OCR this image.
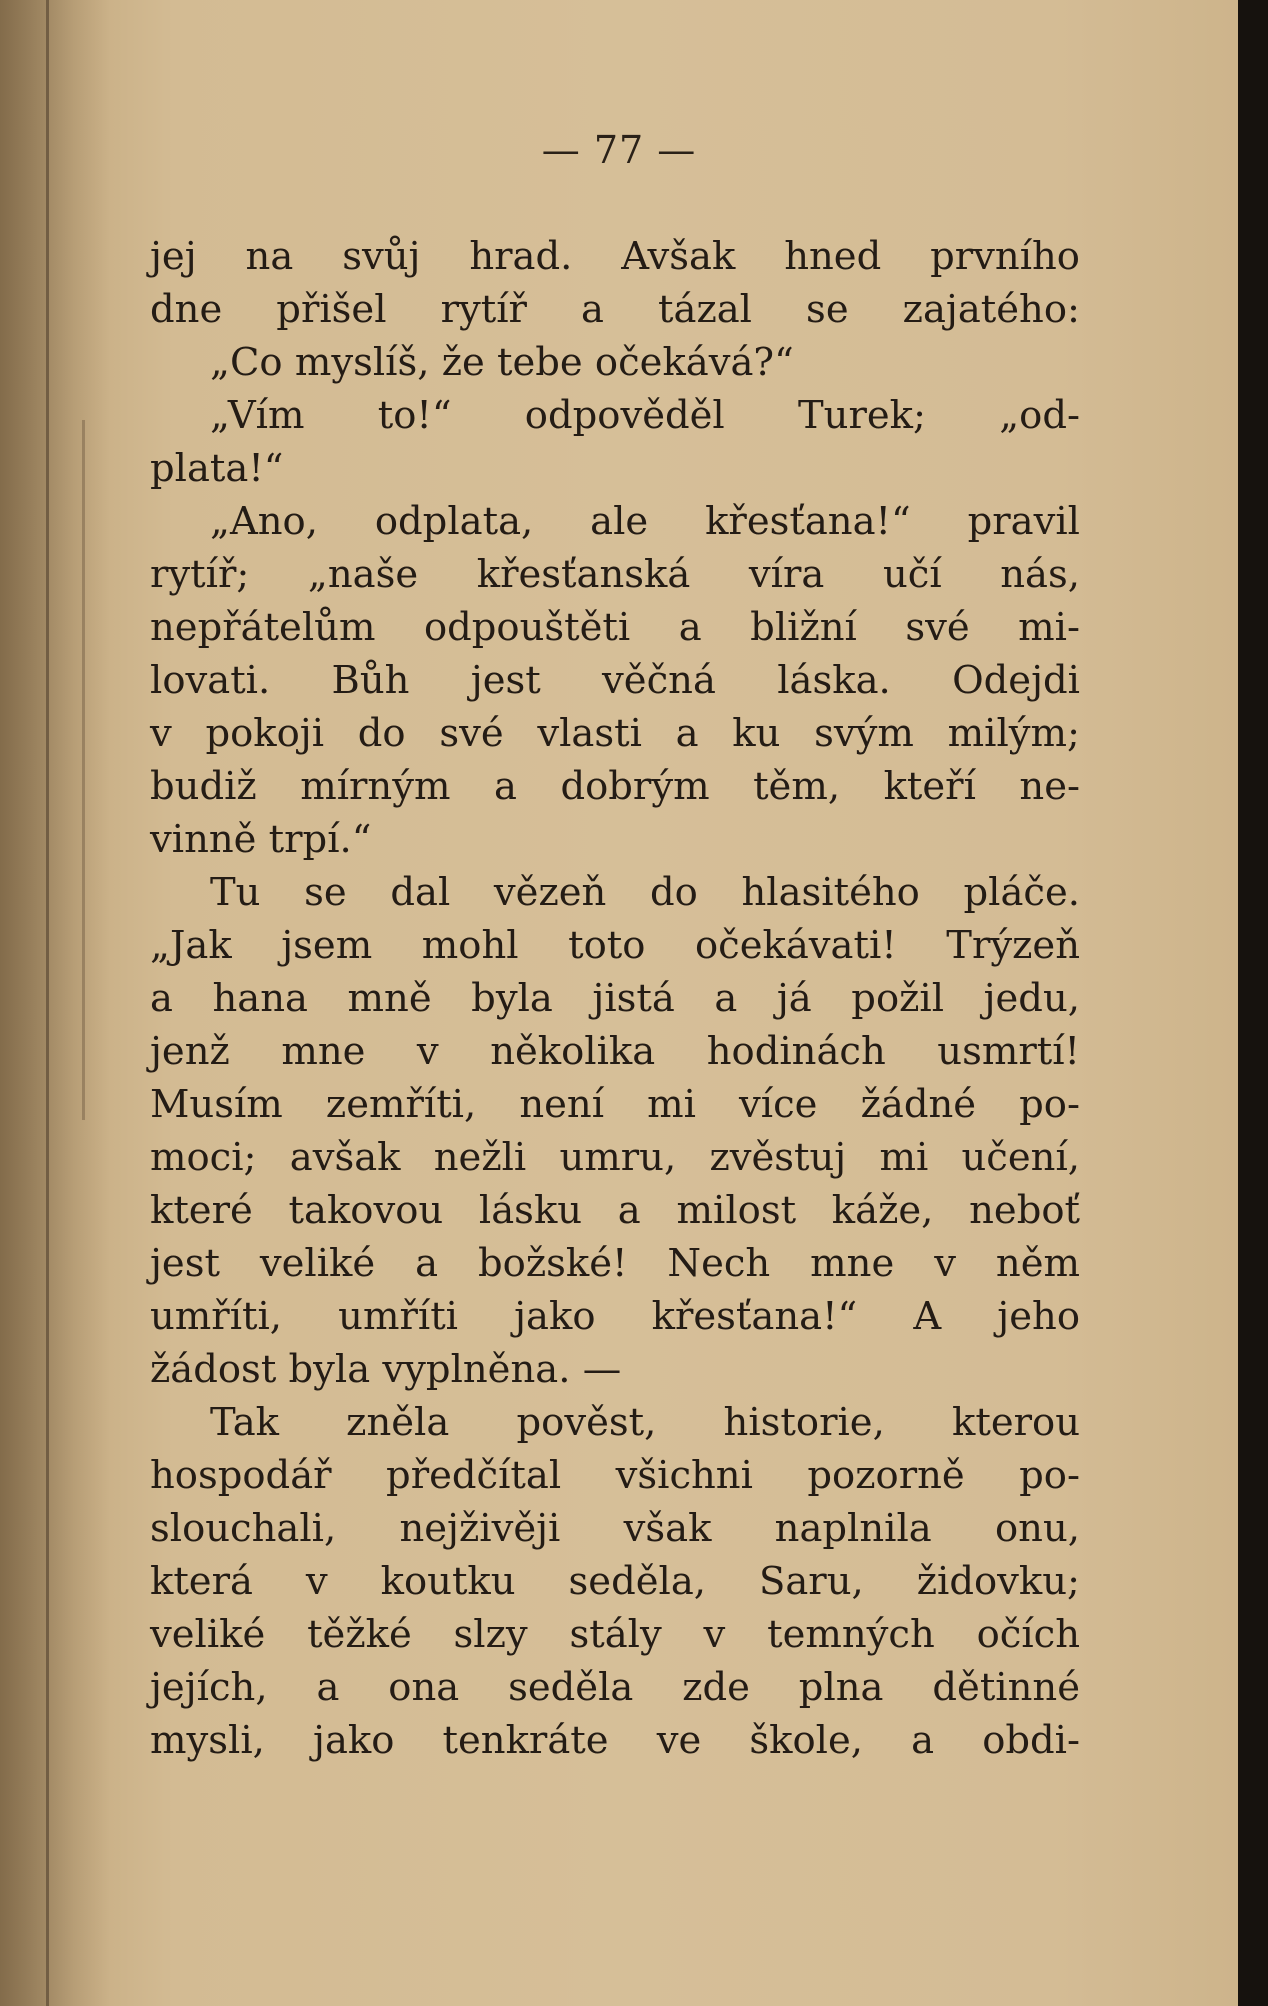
— 77 —
jej na svůj hrad. Avšak hned prvního
dne přišel rytíř a tázal se zajatého:
„Co myslíš, že tebe očekává?“
„Vím to!“ odpověděl Turek; „od-
plata!“
„Ano, odplata, ale křesťana!“ pravil
rytíř; „naše křesťanská víra učí nás,
nepřátelům odpouštěti a bližní své mi-
lovati. Bůh jest věčná láska. Odejdi
v pokoji do své vlasti a ku svým milým;
budiž mírným a dobrým těm, kteří ne-
vinně trpí.“
Tu se dal vězeň do hlasitého pláče.
„Jak jsem mohl toto očekávati! Trýzeň
a hana mně byla jistá a já požil jedu,
jenž mne v několika hodinách usmrtí!
Musím zemříti, není mi více žádné po-
moci; avšak nežli umru, zvěstuj mi učení,
které takovou lásku a milost káže, neboť
jest veliké a božské! Nech mne v něm
umříti, umříti jako křesťana!“ A jeho
žádost byla vyplněna. —
Tak zněla pověst, historie, kterou
hospodář předčítal všichni pozorně po-
slouchali, nejživěji však naplnila onu,
která v koutku seděla, Saru, židovku;
veliké těžké slzy stály v temných očích
jejích, a ona seděla zde plna dětinné
mysli, jako tenkráte ve škole, a obdi-
